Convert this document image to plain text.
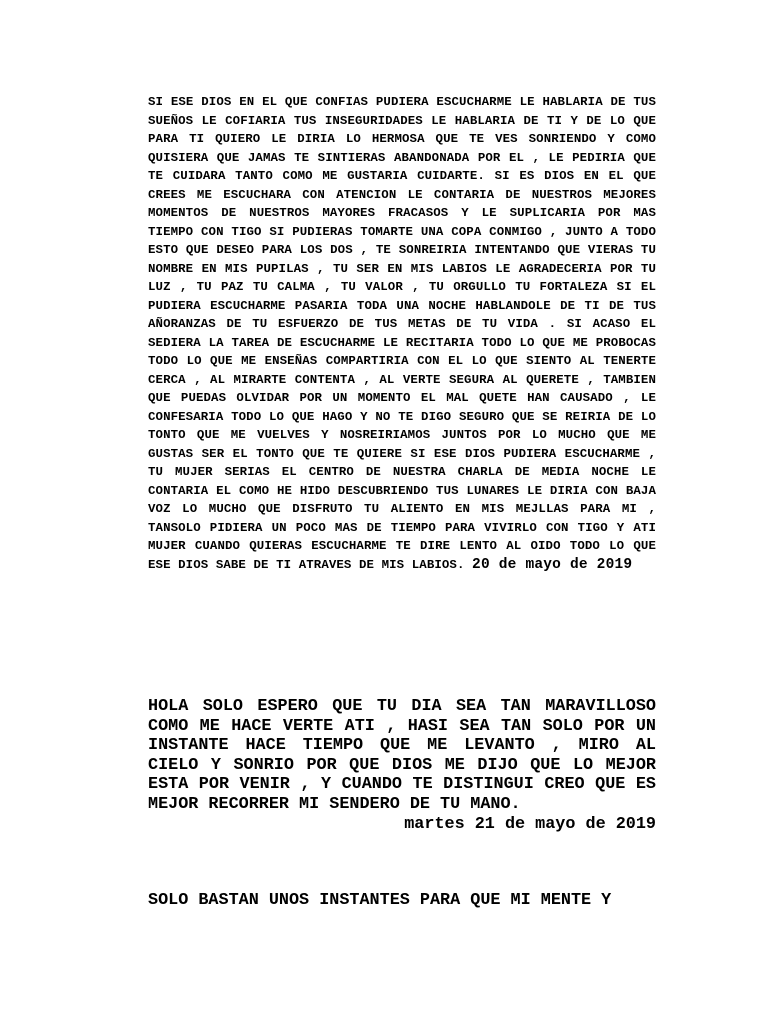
SI ESE DIOS EN EL QUE CONFIAS PUDIERA ESCUCHARME LE HABLARIA DE TUS SUEÑOS LE COFIARIA TUS INSEGURIDADES LE HABLARIA DE TI Y DE LO QUE PARA TI QUIERO LE DIRIA LO HERMOSA QUE TE VES SONRIENDO Y COMO QUISIERA QUE JAMAS TE SINTIERAS ABANDONADA POR EL , LE PEDIRIA QUE TE CUIDARA TANTO COMO ME GUSTARIA CUIDARTE. SI ES DIOS EN EL QUE CREES ME ESCUCHARA CON ATENCION LE CONTARIA DE NUESTROS MEJORES MOMENTOS DE NUESTROS MAYORES FRACASOS Y LE SUPLICARIA POR MAS TIEMPO CON TIGO SI PUDIERAS TOMARTE UNA COPA CONMIGO , JUNTO A TODO ESTO QUE DESEO PARA LOS DOS , TE SONREIRIA INTENTANDO QUE VIERAS TU NOMBRE EN MIS PUPILAS , TU SER EN MIS LABIOS LE AGRADECERIA POR TU LUZ , TU PAZ TU CALMA , TU VALOR , TU ORGULLO TU FORTALEZA SI EL PUDIERA ESCUCHARME PASARIA TODA UNA NOCHE HABLANDOLE DE TI DE TUS AÑORANZAS DE TU ESFUERZO DE TUS METAS DE TU VIDA . SI ACASO EL SEDIERA LA TAREA DE ESCUCHARME LE RECITARIA TODO LO QUE ME PROBOCAS TODO LO QUE ME ENSEÑAS COMPARTIRIA CON EL LO QUE SIENTO AL TENERTE CERCA , AL MIRARTE CONTENTA , AL VERTE SEGURA AL QUERETE , TAMBIEN QUE PUEDAS OLVIDAR POR UN MOMENTO EL MAL QUETE HAN CAUSADO , LE CONFESARIA TODO LO QUE HAGO Y NO TE DIGO SEGURO QUE SE REIRIA DE LO TONTO QUE ME VUELVES Y NOSREIRIAMOS JUNTOS POR LO MUCHO QUE ME GUSTAS SER EL TONTO QUE TE QUIERE SI ESE DIOS PUDIERA ESCUCHARME , TU MUJER SERIAS EL CENTRO DE NUESTRA CHARLA DE MEDIA NOCHE LE CONTARIA EL COMO HE HIDO DESCUBRIENDO TUS LUNARES LE DIRIA CON BAJA VOZ LO MUCHO QUE DISFRUTO TU ALIENTO EN MIS MEJLLAS PARA MI , TANSOLO PIDIERA UN POCO MAS DE TIEMPO PARA VIVIRLO CON TIGO Y ATI MUJER CUANDO QUIERAS ESCUCHARME TE DIRE LENTO AL OIDO TODO LO QUE ESE DIOS SABE DE TI ATRAVES DE MIS LABIOS. 20 de mayo de 2019

HOLA SOLO ESPERO QUE TU DIA SEA TAN MARAVILLOSO COMO ME HACE VERTE ATI , HASI SEA TAN SOLO POR UN INSTANTE HACE TIEMPO QUE ME LEVANTO , MIRO AL CIELO Y SONRIO POR QUE DIOS ME DIJO QUE LO MEJOR ESTA POR VENIR , Y CUANDO TE DISTINGUI CREO QUE ES MEJOR RECORRER MI SENDERO DE TU MANO.
martes 21 de mayo de 2019

SOLO BASTAN UNOS INSTANTES PARA QUE MI MENTE Y
